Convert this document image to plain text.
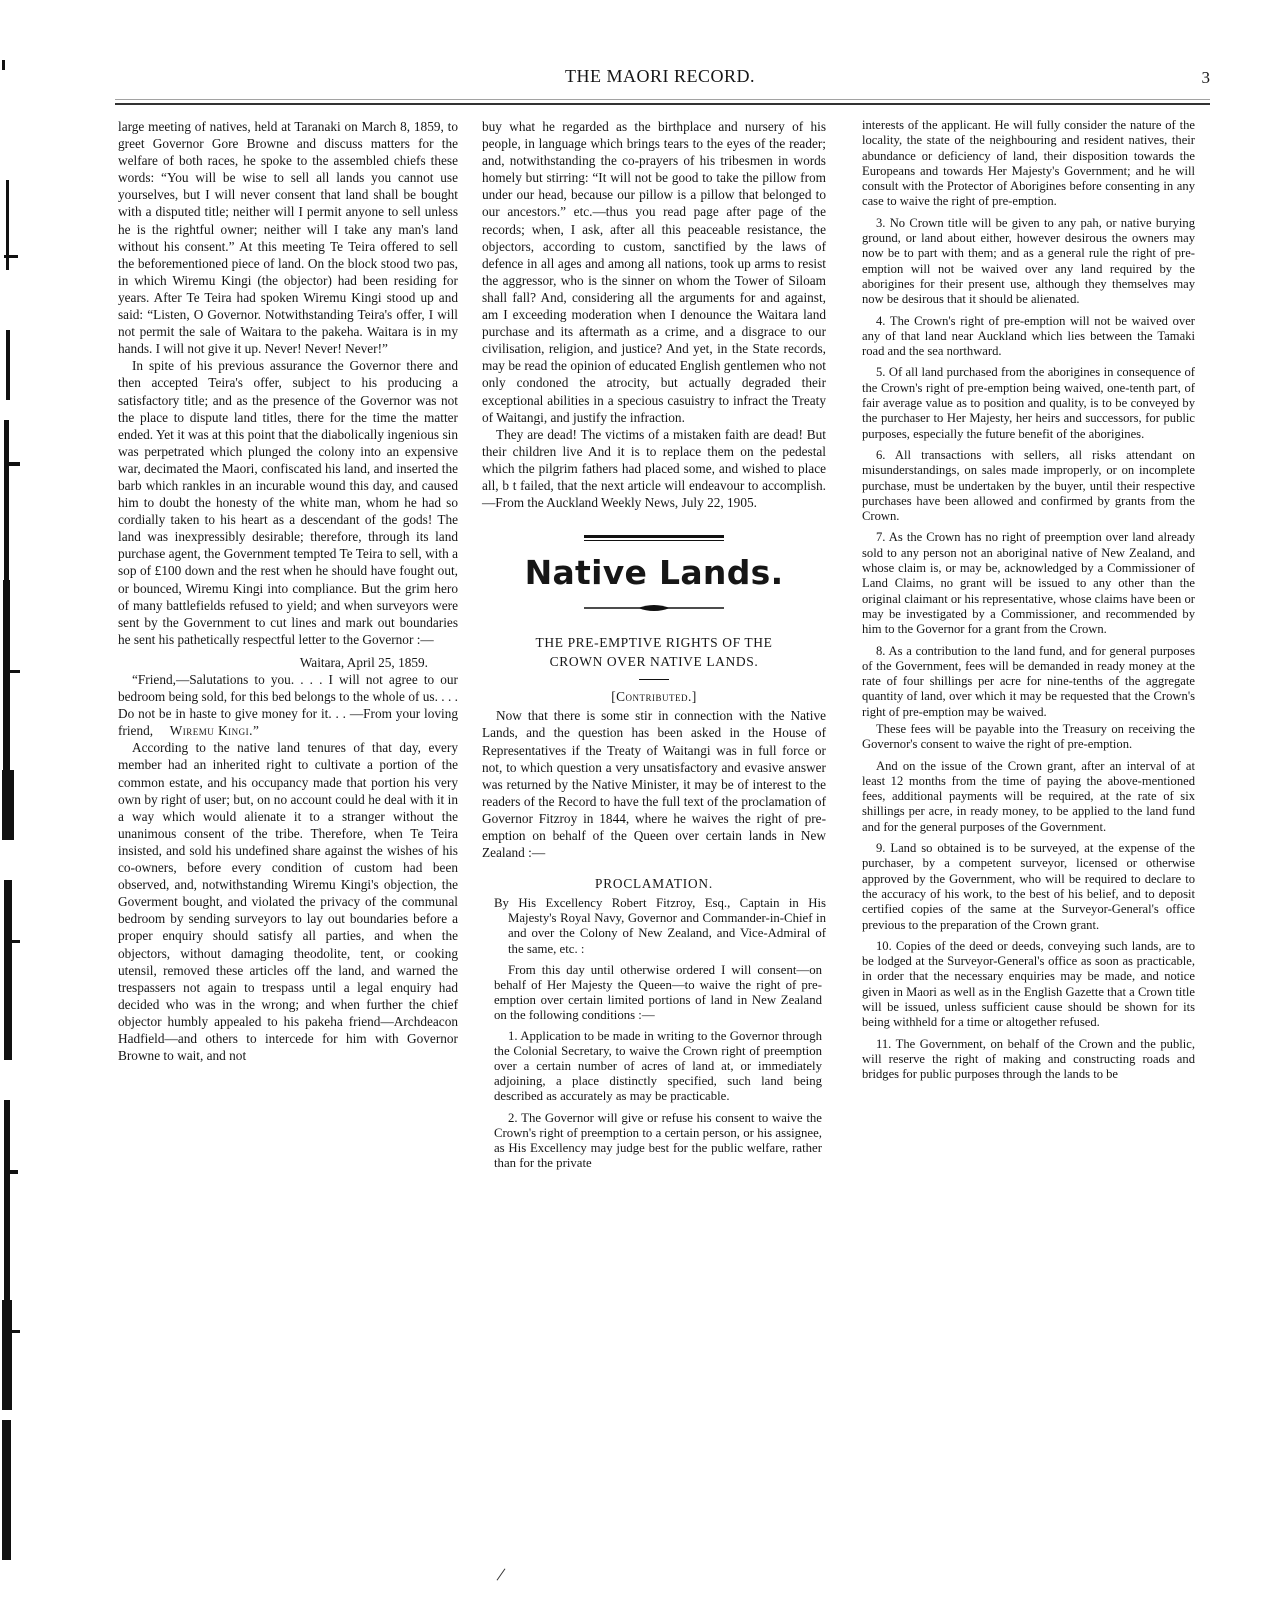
THE MAORI RECORD.	3

large meeting of natives, held at Taranaki on March 8, 1859, to greet Governor Gore Browne and discuss matters for the welfare of both races, he spoke to the assembled chiefs these words: “You will be wise to sell all lands you cannot use yourselves, but I will never consent that land shall be bought with a disputed title; neither will I permit anyone to sell unless he is the rightful owner; neither will I take any man's land without his consent.” At this meeting Te Teira offered to sell the beforementioned piece of land. On the block stood two pas, in which Wiremu Kingi (the objector) had been residing for years. After Te Teira had spoken Wiremu Kingi stood up and said: “Listen, O Governor. Notwithstanding Teira's offer, I will not permit the sale of Waitara to the pakeha. Waitara is in my hands. I will not give it up. Never! Never! Never!”

In spite of his previous assurance the Governor there and then accepted Teira's offer, subject to his producing a satisfactory title; and as the presence of the Governor was not the place to dispute land titles, there for the time the matter ended. Yet it was at this point that the diabolically ingenious sin was perpetrated which plunged the colony into an expensive war, decimated the Maori, confiscated his land, and inserted the barb which rankles in an incurable wound this day, and caused him to doubt the honesty of the white man, whom he had so cordially taken to his heart as a descendant of the gods! The land was inexpressibly desirable; therefore, through its land purchase agent, the Government tempted Te Teira to sell, with a sop of £100 down and the rest when he should have fought out, or bounced, Wiremu Kingi into compliance. But the grim hero of many battlefields refused to yield; and when surveyors were sent by the Government to cut lines and mark out boundaries he sent his pathetically respectful letter to the Governor :—

Waitara, April 25, 1859.

“Friend,—Salutations to you. . . . I will not agree to our bedroom being sold, for this bed belongs to the whole of us. . . . Do not be in haste to give money for it. . . —From your loving friend, Wiremu Kingi.”

According to the native land tenures of that day, every member had an inherited right to cultivate a portion of the common estate, and his occupancy made that portion his very own by right of user; but, on no account could he deal with it in a way which would alienate it to a stranger without the unanimous consent of the tribe. Therefore, when Te Teira insisted, and sold his undefined share against the wishes of his co-owners, before every condition of custom had been observed, and, notwithstanding Wiremu Kingi's objection, the Goverment bought, and violated the privacy of the communal bedroom by sending surveyors to lay out boundaries before a proper enquiry should satisfy all parties, and when the objectors, without damaging theodolite, tent, or cooking utensil, removed these articles off the land, and warned the trespassers not again to trespass until a legal enquiry had decided who was in the wrong; and when further the chief objector humbly appealed to his pakeha friend—Archdeacon Hadfield—and others to intercede for him with Governor Browne to wait, and not

buy what he regarded as the birthplace and nursery of his people, in language which brings tears to the eyes of the reader; and, notwithstanding the co-prayers of his tribesmen in words homely but stirring: “It will not be good to take the pillow from under our head, because our pillow is a pillow that belonged to our ancestors.” etc.—thus you read page after page of the records; when, I ask, after all this peaceable resistance, the objectors, according to custom, sanctified by the laws of defence in all ages and among all nations, took up arms to resist the aggressor, who is the sinner on whom the Tower of Siloam shall fall? And, considering all the arguments for and against, am I exceeding moderation when I denounce the Waitara land purchase and its aftermath as a crime, and a disgrace to our civilisation, religion, and justice? And yet, in the State records, may be read the opinion of educated English gentlemen who not only condoned the atrocity, but actually degraded their exceptional abilities in a specious casuistry to infract the Treaty of Waitangi, and justify the infraction.

They are dead! The victims of a mistaken faith are dead! But their children live And it is to replace them on the pedestal which the pilgrim fathers had placed some, and wished to place all, b t failed, that the next article will endeavour to accomplish.—From the Auckland Weekly News, July 22, 1905.

Native Lands.
THE PRE-EMPTIVE RIGHTS OF THE
CROWN OVER NATIVE LANDS.

[Contributed.]

Now that there is some stir in connection with the Native Lands, and the question has been asked in the House of Representatives if the Treaty of Waitangi was in full force or not, to which question a very unsatisfactory and evasive answer was returned by the Native Minister, it may be of interest to the readers of the Record to have the full text of the proclamation of Governor Fitzroy in 1844, where he waives the right of pre-emption on behalf of the Queen over certain lands in New Zealand :—

PROCLAMATION.

By His Excellency Robert Fitzroy, Esq., Captain in His Majesty's Royal Navy, Governor and Commander-in-Chief in and over the Colony of New Zealand, and Vice-Admiral of the same, etc. :

From this day until otherwise ordered I will consent—on behalf of Her Majesty the Queen—to waive the right of pre-emption over certain limited portions of land in New Zealand on the following conditions :—

1. Application to be made in writing to the Governor through the Colonial Secretary, to waive the Crown right of preemption over a certain number of acres of land at, or immediately adjoining, a place distinctly specified, such land being described as accurately as may be practicable.

2. The Governor will give or refuse his consent to waive the Crown's right of preemption to a certain person, or his assignee, as His Excellency may judge best for the public welfare, rather than for the private

interests of the applicant. He will fully consider the nature of the locality, the state of the neighbouring and resident natives, their abundance or deficiency of land, their disposition towards the Europeans and towards Her Majesty's Government; and he will consult with the Protector of Aborigines before consenting in any case to waive the right of pre-emption.

3. No Crown title will be given to any pah, or native burying ground, or land about either, however desirous the owners may now be to part with them; and as a general rule the right of pre-emption will not be waived over any land required by the aborigines for their present use, although they themselves may now be desirous that it should be alienated.

4. The Crown's right of pre-emption will not be waived over any of that land near Auckland which lies between the Tamaki road and the sea northward.

5. Of all land purchased from the aborigines in consequence of the Crown's right of pre-emption being waived, one-tenth part, of fair average value as to position and quality, is to be conveyed by the purchaser to Her Majesty, her heirs and successors, for public purposes, especially the future benefit of the aborigines.

6. All transactions with sellers, all risks attendant on misunderstandings, on sales made improperly, or on incomplete purchase, must be undertaken by the buyer, until their respective purchases have been allowed and confirmed by grants from the Crown.

7. As the Crown has no right of preemption over land already sold to any person not an aboriginal native of New Zealand, and whose claim is, or may be, acknowledged by a Commissioner of Land Claims, no grant will be issued to any other than the original claimant or his representative, whose claims have been or may be investigated by a Commissioner, and recommended by him to the Governor for a grant from the Crown.

8. As a contribution to the land fund, and for general purposes of the Government, fees will be demanded in ready money at the rate of four shillings per acre for nine-tenths of the aggregate quantity of land, over which it may be requested that the Crown's right of pre-emption may be waived.

These fees will be payable into the Treasury on receiving the Governor's consent to waive the right of pre-emption.

And on the issue of the Crown grant, after an interval of at least 12 months from the time of paying the above-mentioned fees, additional payments will be required, at the rate of six shillings per acre, in ready money, to be applied to the land fund and for the general purposes of the Government.

9. Land so obtained is to be surveyed, at the expense of the purchaser, by a competent surveyor, licensed or otherwise approved by the Government, who will be required to declare to the accuracy of his work, to the best of his belief, and to deposit certified copies of the same at the Surveyor-General's office previous to the preparation of the Crown grant.

10. Copies of the deed or deeds, conveying such lands, are to be lodged at the Surveyor-General's office as soon as practicable, in order that the necessary enquiries may be made, and notice given in Maori as well as in the English Gazette that a Crown title will be issued, unless sufficient cause should be shown for its being withheld for a time or altogether refused.

11. The Government, on behalf of the Crown and the public, will reserve the right of making and constructing roads and bridges for public purposes through the lands to be
